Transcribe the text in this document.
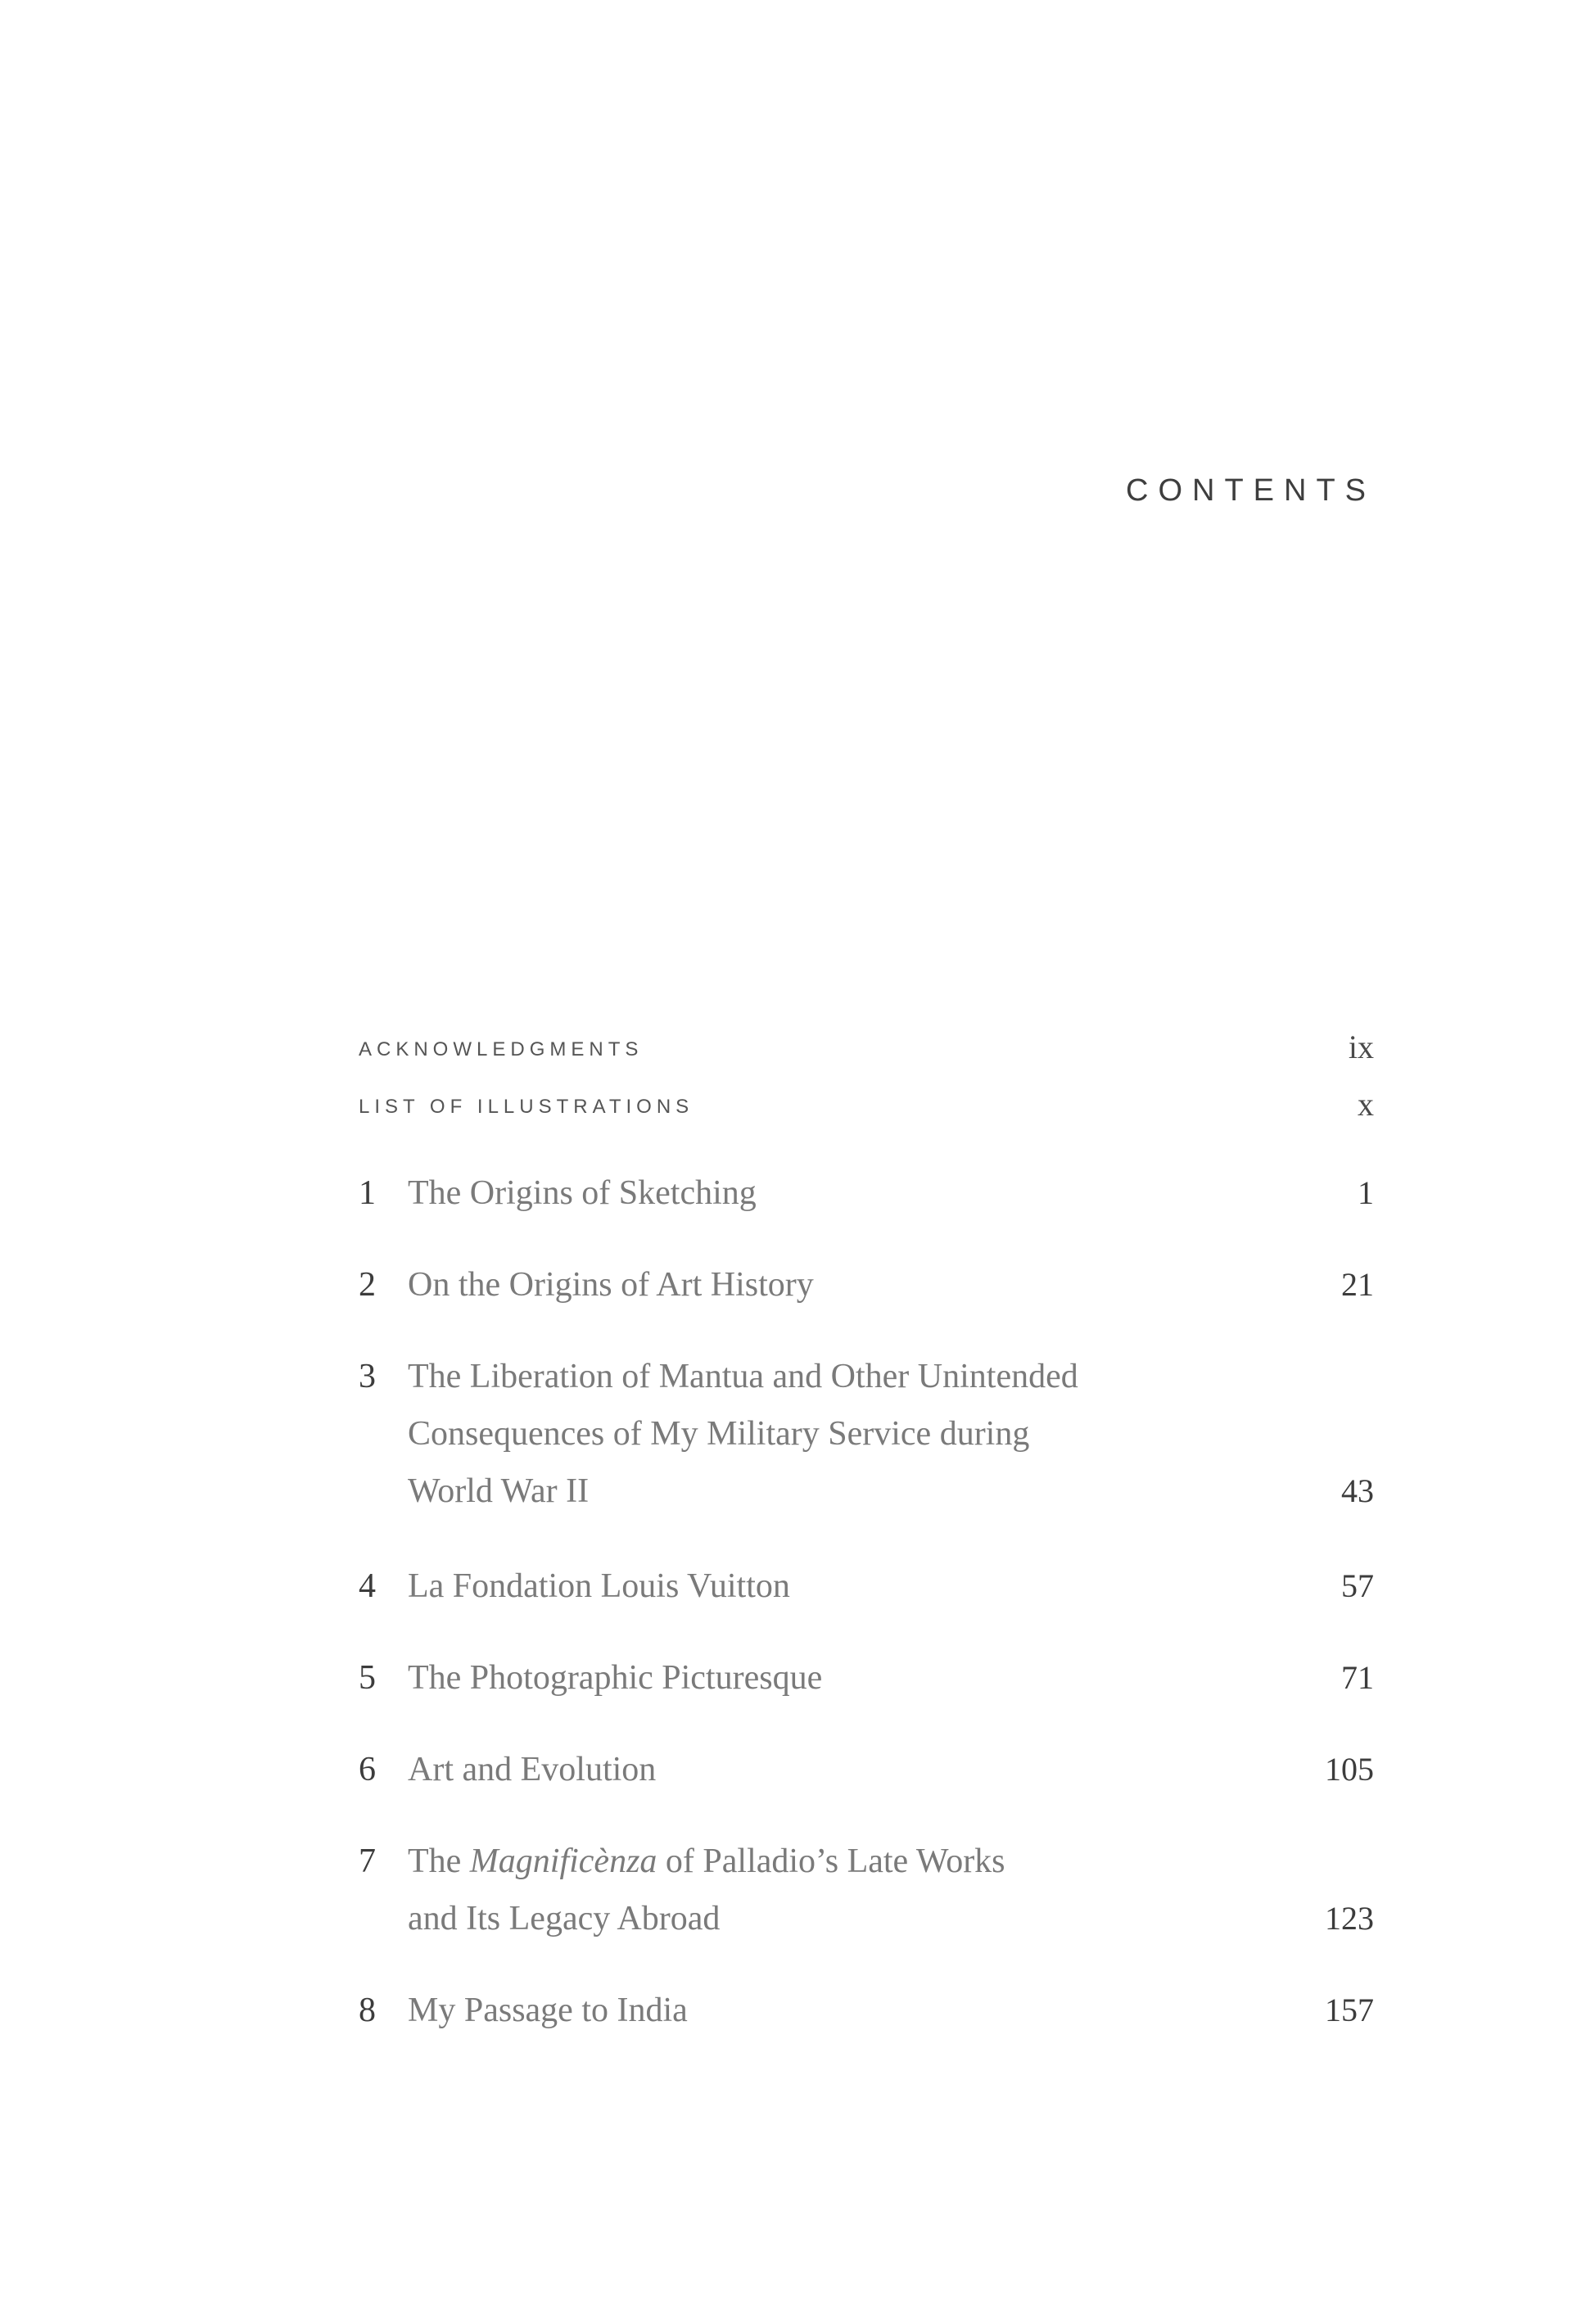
CONTENTS
ACKNOWLEDGMENTS	ix
LIST OF ILLUSTRATIONS	x
1 The Origins of Sketching	1
2 On the Origins of Art History	21
3 The Liberation of Mantua and Other Unintended
Consequences of My Military Service during
World War II	43
4 La Fondation Louis Vuitton	57
5 The Photographic Picturesque	71
6 Art and Evolution	105
7 The Magnificènza of Palladio’s Late Works
and Its Legacy Abroad	123
8 My Passage to India	157
